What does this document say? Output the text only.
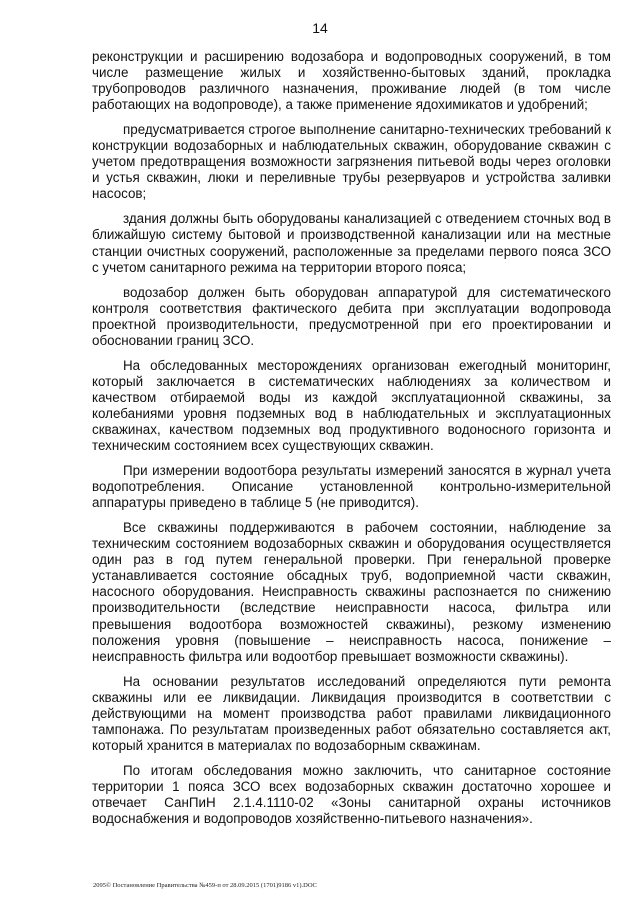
14

реконструкции и расширению водозабора и водопроводных сооружений, в том числе размещение жилых и хозяйственно-бытовых зданий, прокладка трубопроводов различного назначения, проживание людей (в том числе работающих на водопроводе), а также применение ядохимикатов и удобрений;

предусматривается строгое выполнение санитарно-технических требований к конструкции водозаборных и наблюдательных скважин, оборудование скважин с учетом предотвращения возможности загрязнения питьевой воды через оголовки и устья скважин, люки и переливные трубы резервуаров и устройства заливки насосов;

здания должны быть оборудованы канализацией с отведением сточных вод в ближайшую систему бытовой и производственной канализации или на местные станции очистных сооружений, расположенные за пределами первого пояса ЗСО с учетом санитарного режима на территории второго пояса;

водозабор должен быть оборудован аппаратурой для систематического контроля соответствия фактического дебита при эксплуатации водопровода проектной производительности, предусмотренной при его проектировании и обосновании границ ЗСО.

На обследованных месторождениях организован ежегодный мониторинг, который заключается в систематических наблюдениях за количеством и качеством отбираемой воды из каждой эксплуатационной скважины, за колебаниями уровня подземных вод в наблюдательных и эксплуатационных скважинах, качеством подземных вод продуктивного водоносного горизонта и техническим состоянием всех существующих скважин.

При измерении водоотбора результаты измерений заносятся в журнал учета водопотребления. Описание установленной контрольно-измерительной аппаратуры приведено в таблице 5 (не приводится).

Все скважины поддерживаются в рабочем состоянии, наблюдение за техническим состоянием водозаборных скважин и оборудования осуществляется один раз в год путем генеральной проверки. При генеральной проверке устанавливается состояние обсадных труб, водоприемной части скважин, насосного оборудования. Неисправность скважины распознается по снижению производительности (вследствие неисправности насоса, фильтра или превышения водоотбора возможностей скважины), резкому изменению положения уровня (повышение – неисправность насоса, понижение – неисправность фильтра или водоотбор превышает возможности скважины).

На основании результатов исследований определяются пути ремонта скважины или ее ликвидации. Ликвидация производится в соответствии с действующими на момент производства работ правилами ликвидационного тампонажа. По результатам произведенных работ обязательно составляется акт, который хранится в материалах по водозаборным скважинам.

По итогам обследования можно заключить, что санитарное состояние территории 1 пояса ЗСО всех водозаборных скважин достаточно хорошее и отвечает СанПиН 2.1.4.1110-02 «Зоны санитарной охраны источников водоснабжения и водопроводов хозяйственно-питьевого назначения».

2095© Постановление Правительства №459-п от 28.09.2015 (1701)9186 v1).DOC
